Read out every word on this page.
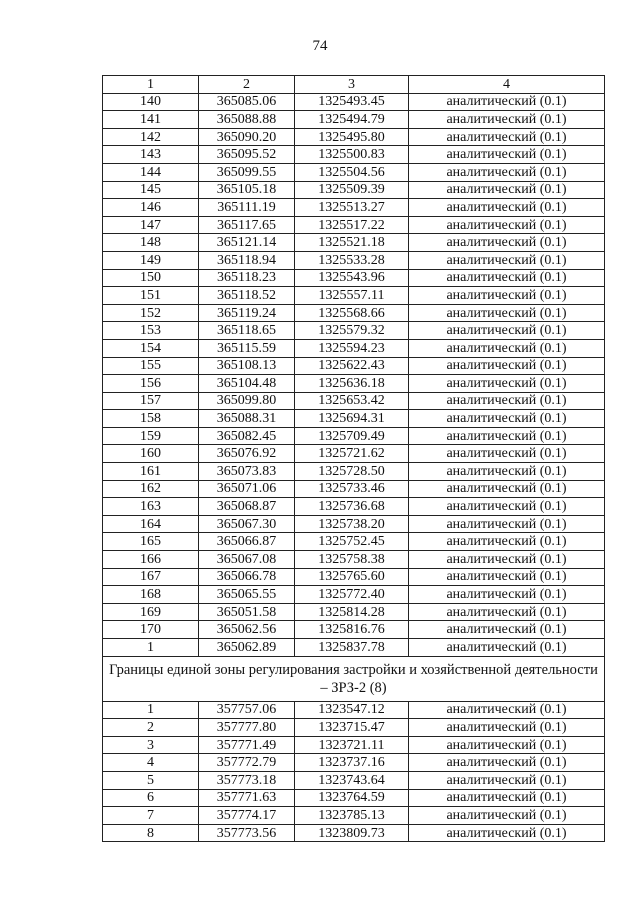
74
1	2	3	4
140	365085.06	1325493.45	аналитический (0.1)
141	365088.88	1325494.79	аналитический (0.1)
142	365090.20	1325495.80	аналитический (0.1)
143	365095.52	1325500.83	аналитический (0.1)
144	365099.55	1325504.56	аналитический (0.1)
145	365105.18	1325509.39	аналитический (0.1)
146	365111.19	1325513.27	аналитический (0.1)
147	365117.65	1325517.22	аналитический (0.1)
148	365121.14	1325521.18	аналитический (0.1)
149	365118.94	1325533.28	аналитический (0.1)
150	365118.23	1325543.96	аналитический (0.1)
151	365118.52	1325557.11	аналитический (0.1)
152	365119.24	1325568.66	аналитический (0.1)
153	365118.65	1325579.32	аналитический (0.1)
154	365115.59	1325594.23	аналитический (0.1)
155	365108.13	1325622.43	аналитический (0.1)
156	365104.48	1325636.18	аналитический (0.1)
157	365099.80	1325653.42	аналитический (0.1)
158	365088.31	1325694.31	аналитический (0.1)
159	365082.45	1325709.49	аналитический (0.1)
160	365076.92	1325721.62	аналитический (0.1)
161	365073.83	1325728.50	аналитический (0.1)
162	365071.06	1325733.46	аналитический (0.1)
163	365068.87	1325736.68	аналитический (0.1)
164	365067.30	1325738.20	аналитический (0.1)
165	365066.87	1325752.45	аналитический (0.1)
166	365067.08	1325758.38	аналитический (0.1)
167	365066.78	1325765.60	аналитический (0.1)
168	365065.55	1325772.40	аналитический (0.1)
169	365051.58	1325814.28	аналитический (0.1)
170	365062.56	1325816.76	аналитический (0.1)
1	365062.89	1325837.78	аналитический (0.1)
Границы единой зоны регулирования застройки и хозяйственной деятельности – ЗРЗ-2 (8)			
1	357757.06	1323547.12	аналитический (0.1)
2	357777.80	1323715.47	аналитический (0.1)
3	357771.49	1323721.11	аналитический (0.1)
4	357772.79	1323737.16	аналитический (0.1)
5	357773.18	1323743.64	аналитический (0.1)
6	357771.63	1323764.59	аналитический (0.1)
7	357774.17	1323785.13	аналитический (0.1)
8	357773.56	1323809.73	аналитический (0.1)
